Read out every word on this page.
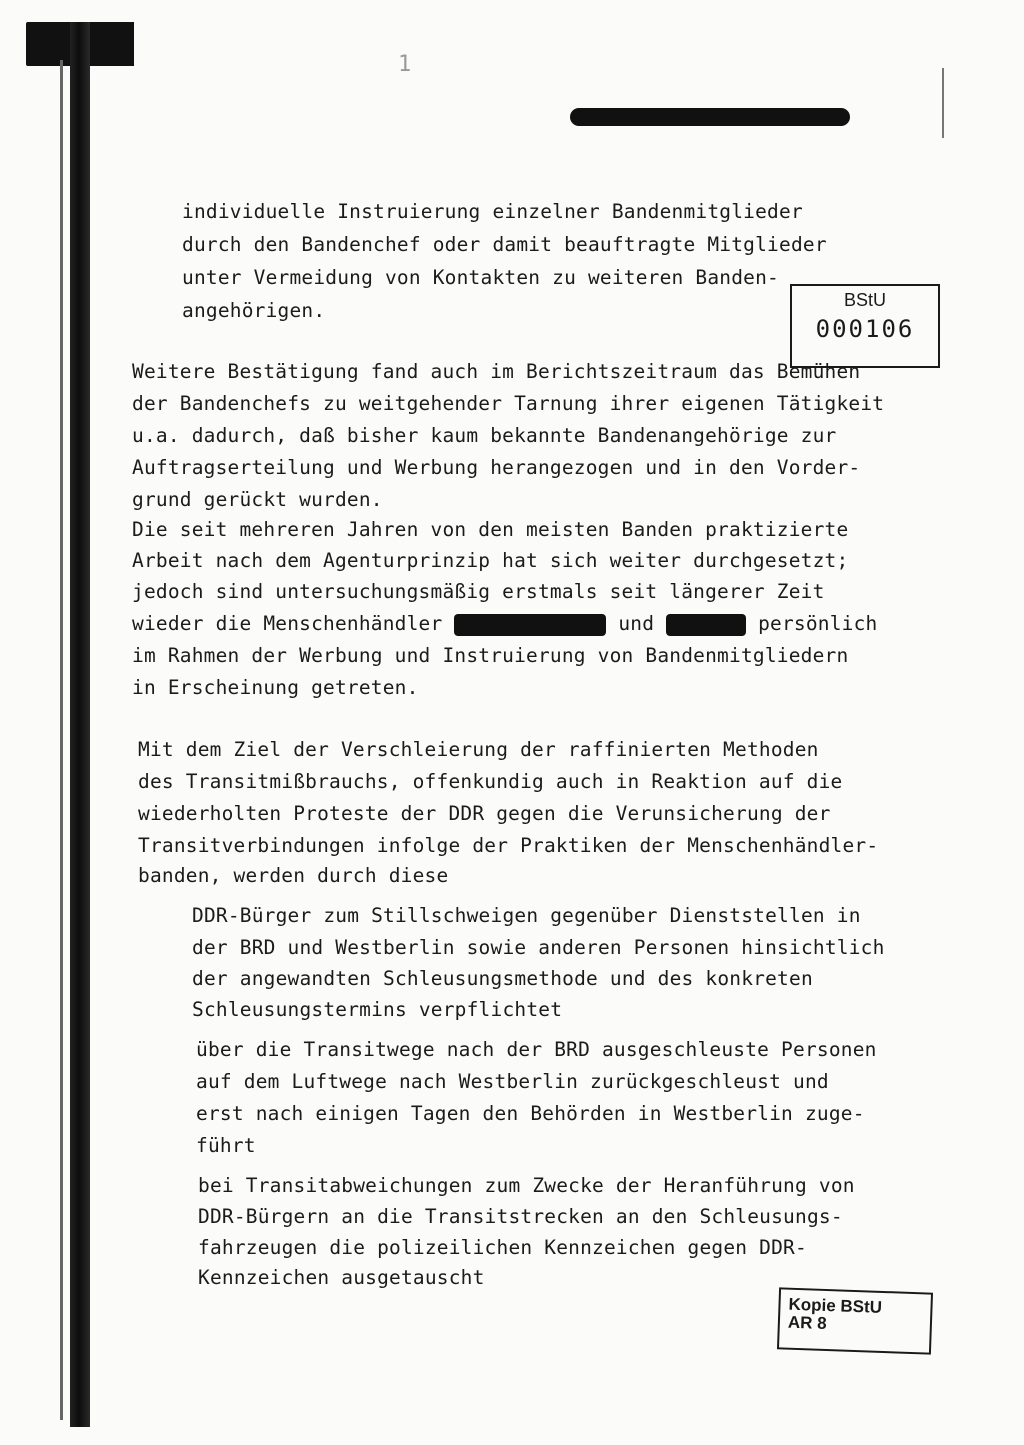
1
BStU
000106
individuelle Instruierung einzelner Bandenmitglieder
durch den Bandenchef oder damit beauftragte Mitglieder
unter Vermeidung von Kontakten zu weiteren Banden-
angehörigen.
Weitere Bestätigung fand auch im Berichtszeitraum das Bemühen
der Bandenchefs zu weitgehender Tarnung ihrer eigenen Tätigkeit
u.a. dadurch, daß bisher kaum bekannte Bandenangehörige zur
Auftragserteilung und Werbung herangezogen und in den Vorder-
grund gerückt wurden.
Die seit mehreren Jahren von den meisten Banden praktizierte
Arbeit nach dem Agenturprinzip hat sich weiter durchgesetzt;
jedoch sind untersuchungsmäßig erstmals seit längerer Zeit
wieder die Menschenhändler	und	persönlich
im Rahmen der Werbung und Instruierung von Bandenmitgliedern
in Erscheinung getreten.
Mit dem Ziel der Verschleierung der raffinierten Methoden
des Transitmißbrauchs, offenkundig auch in Reaktion auf die
wiederholten Proteste der DDR gegen die Verunsicherung der
Transitverbindungen infolge der Praktiken der Menschenhändler-
banden, werden durch diese
DDR-Bürger zum Stillschweigen gegenüber Dienststellen in
der BRD und Westberlin sowie anderen Personen hinsichtlich
der angewandten Schleusungsmethode und des konkreten
Schleusungstermins verpflichtet
über die Transitwege nach der BRD ausgeschleuste Personen
auf dem Luftwege nach Westberlin zurückgeschleust und
erst nach einigen Tagen den Behörden in Westberlin zuge-
führt
bei Transitabweichungen zum Zwecke der Heranführung von
DDR-Bürgern an die Transitstrecken an den Schleusungs-
fahrzeugen die polizeilichen Kennzeichen gegen DDR-
Kennzeichen ausgetauscht
Kopie BStU
AR 8
